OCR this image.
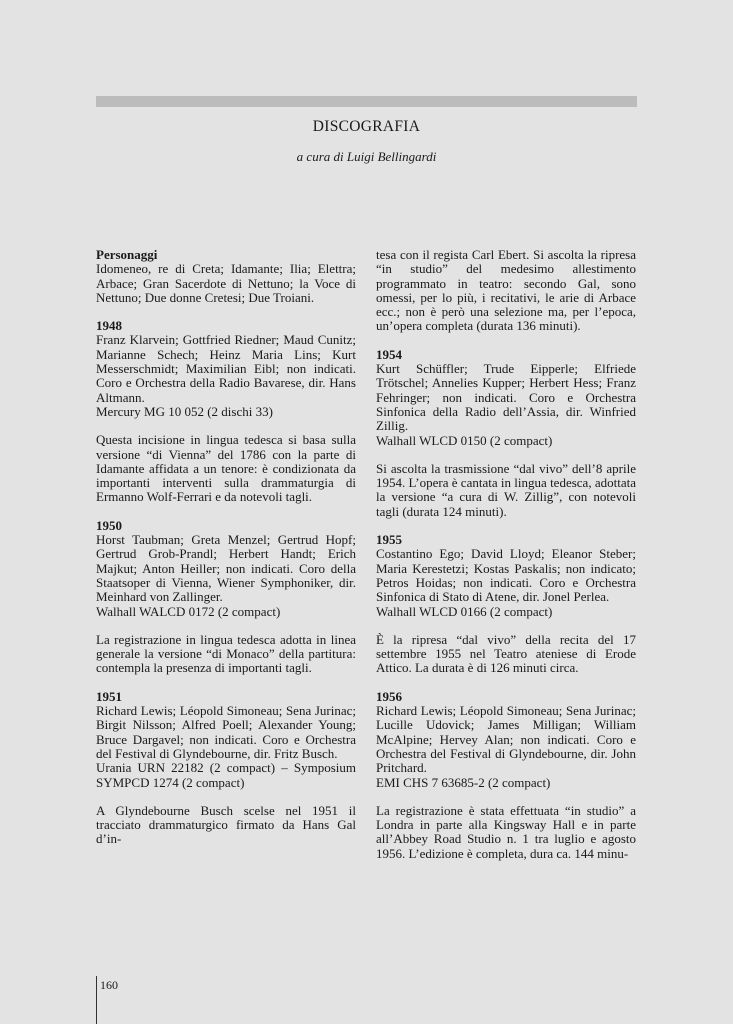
DISCOGRAFIA
a cura di Luigi Bellingardi

Personaggi
Idomeneo, re di Creta; Idamante; Ilia; Elettra; Arbace; Gran Sacerdote di Nettuno; la Voce di Nettuno; Due donne Cretesi; Due Troiani.

1948
Franz Klarvein; Gottfried Riedner; Maud Cunitz; Marianne Schech; Heinz Maria Lins; Kurt Messerschmidt; Maximilian Eibl; non indicati. Coro e Orchestra della Radio Bavarese, dir. Hans Altmann.
Mercury MG 10 052 (2 dischi 33)

Questa incisione in lingua tedesca si basa sulla versione “di Vienna” del 1786 con la parte di Idamante affidata a un tenore: è condizionata da importanti interventi sulla drammaturgia di Ermanno Wolf-Ferrari e da notevoli tagli.

1950
Horst Taubman; Greta Menzel; Gertrud Hopf; Gertrud Grob-Prandl; Herbert Handt; Erich Majkut; Anton Heiller; non indicati. Coro della Staatsoper di Vienna, Wiener Symphoniker, dir. Meinhard von Zallinger.
Walhall WALCD 0172 (2 compact)

La registrazione in lingua tedesca adotta in linea generale la versione “di Monaco” della partitura: contempla la presenza di importanti tagli.

1951
Richard Lewis; Léopold Simoneau; Sena Jurinac; Birgit Nilsson; Alfred Poell; Alexander Young; Bruce Dargavel; non indicati. Coro e Orchestra del Festival di Glyndebourne, dir. Fritz Busch.
Urania URN 22182 (2 compact) – Symposium SYMPCD 1274 (2 compact)

A Glyndebourne Busch scelse nel 1951 il tracciato drammaturgico firmato da Hans Gal d’in-

tesa con il regista Carl Ebert. Si ascolta la ripresa “in studio” del medesimo allestimento programmato in teatro: secondo Gal, sono omessi, per lo più, i recitativi, le arie di Arbace ecc.; non è però una selezione ma, per l’epoca, un’opera completa (durata 136 minuti).

1954
Kurt Schüffler; Trude Eipperle; Elfriede Trötschel; Annelies Kupper; Herbert Hess; Franz Fehringer; non indicati. Coro e Orchestra Sinfonica della Radio dell’Assia, dir. Winfried Zillig.
Walhall WLCD 0150 (2 compact)

Si ascolta la trasmissione “dal vivo” dell’8 aprile 1954. L’opera è cantata in lingua tedesca, adottata la versione “a cura di W. Zillig”, con notevoli tagli (durata 124 minuti).

1955
Costantino Ego; David Lloyd; Eleanor Steber; Maria Kerestetzi; Kostas Paskalis; non indicato; Petros Hoidas; non indicati. Coro e Orchestra Sinfonica di Stato di Atene, dir. Jonel Perlea.
Walhall WLCD 0166 (2 compact)

È la ripresa “dal vivo” della recita del 17 settembre 1955 nel Teatro ateniese di Erode Attico. La durata è di 126 minuti circa.

1956
Richard Lewis; Léopold Simoneau; Sena Jurinac; Lucille Udovick; James Milligan; William McAlpine; Hervey Alan; non indicati. Coro e Orchestra del Festival di Glyndebourne, dir. John Pritchard.
EMI CHS 7 63685-2 (2 compact)

La registrazione è stata effettuata “in studio” a Londra in parte alla Kingsway Hall e in parte all’Abbey Road Studio n. 1 tra luglio e agosto 1956. L’edizione è completa, dura ca. 144 minu-

160
